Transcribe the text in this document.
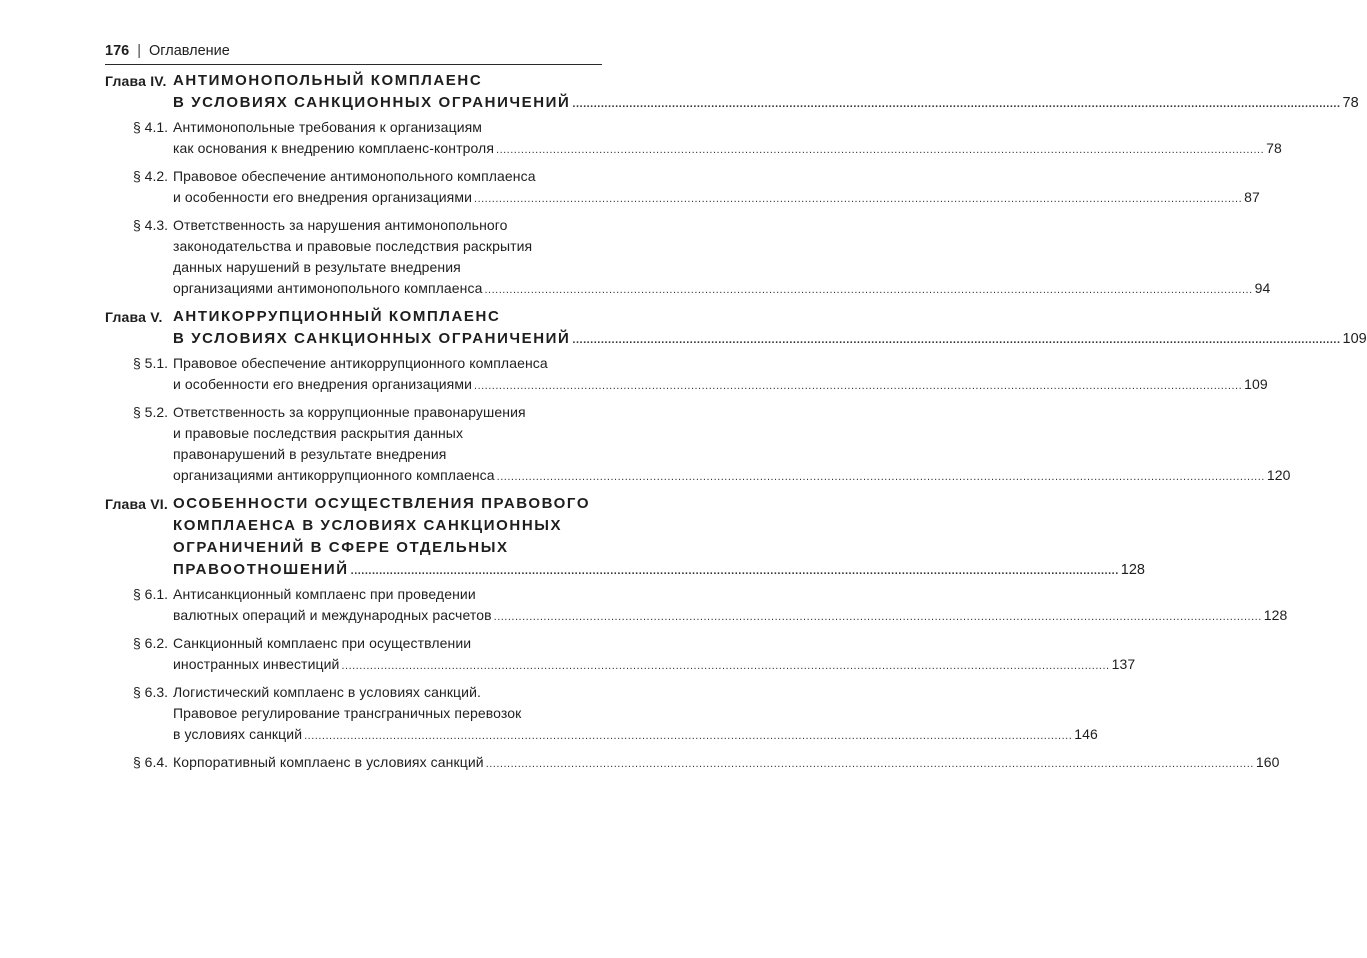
176 | Оглавление
Глава IV. АНТИМОНОПОЛЬНЫЙ КОМПЛАЕНС
В УСЛОВИЯХ САНКЦИОННЫХ ОГРАНИЧЕНИЙ .....	78
§ 4.1. Антимонопольные требования к организациям
как основания к внедрению комплаенс-контроля .....	78
§ 4.2. Правовое обеспечение антимонопольного комплаенса
и особенности его внедрения организациями .....	87
§ 4.3. Ответственность за нарушения антимонопольного
законодательства и правовые последствия раскрытия
данных нарушений в результате внедрения
организациями антимонопольного комплаенса .....	94
Глава V. АНТИКОРРУПЦИОННЫЙ КОМПЛАЕНС
В УСЛОВИЯХ САНКЦИОННЫХ ОГРАНИЧЕНИЙ .....	109
§ 5.1. Правовое обеспечение антикоррупционного комплаенса
и особенности его внедрения организациями .....	109
§ 5.2. Ответственность за коррупционные правонарушения
и правовые последствия раскрытия данных
правонарушений в результате внедрения
организациями антикоррупционного комплаенса .....	120
Глава VI. ОСОБЕННОСТИ ОСУЩЕСТВЛЕНИЯ ПРАВОВОГО
КОМПЛАЕНСА В УСЛОВИЯХ САНКЦИОННЫХ
ОГРАНИЧЕНИЙ В СФЕРЕ ОТДЕЛЬНЫХ
ПРАВООТНОШЕНИЙ .....	128
§ 6.1. Антисанкционный комплаенс при проведении
валютных операций и международных расчетов .....	128
§ 6.2. Санкционный комплаенс при осуществлении
иностранных инвестиций .....	137
§ 6.3. Логистический комплаенс в условиях санкций.
Правовое регулирование трансграничных перевозок
в условиях санкций .....	146
§ 6.4. Корпоративный комплаенс в условиях санкций .....	160
